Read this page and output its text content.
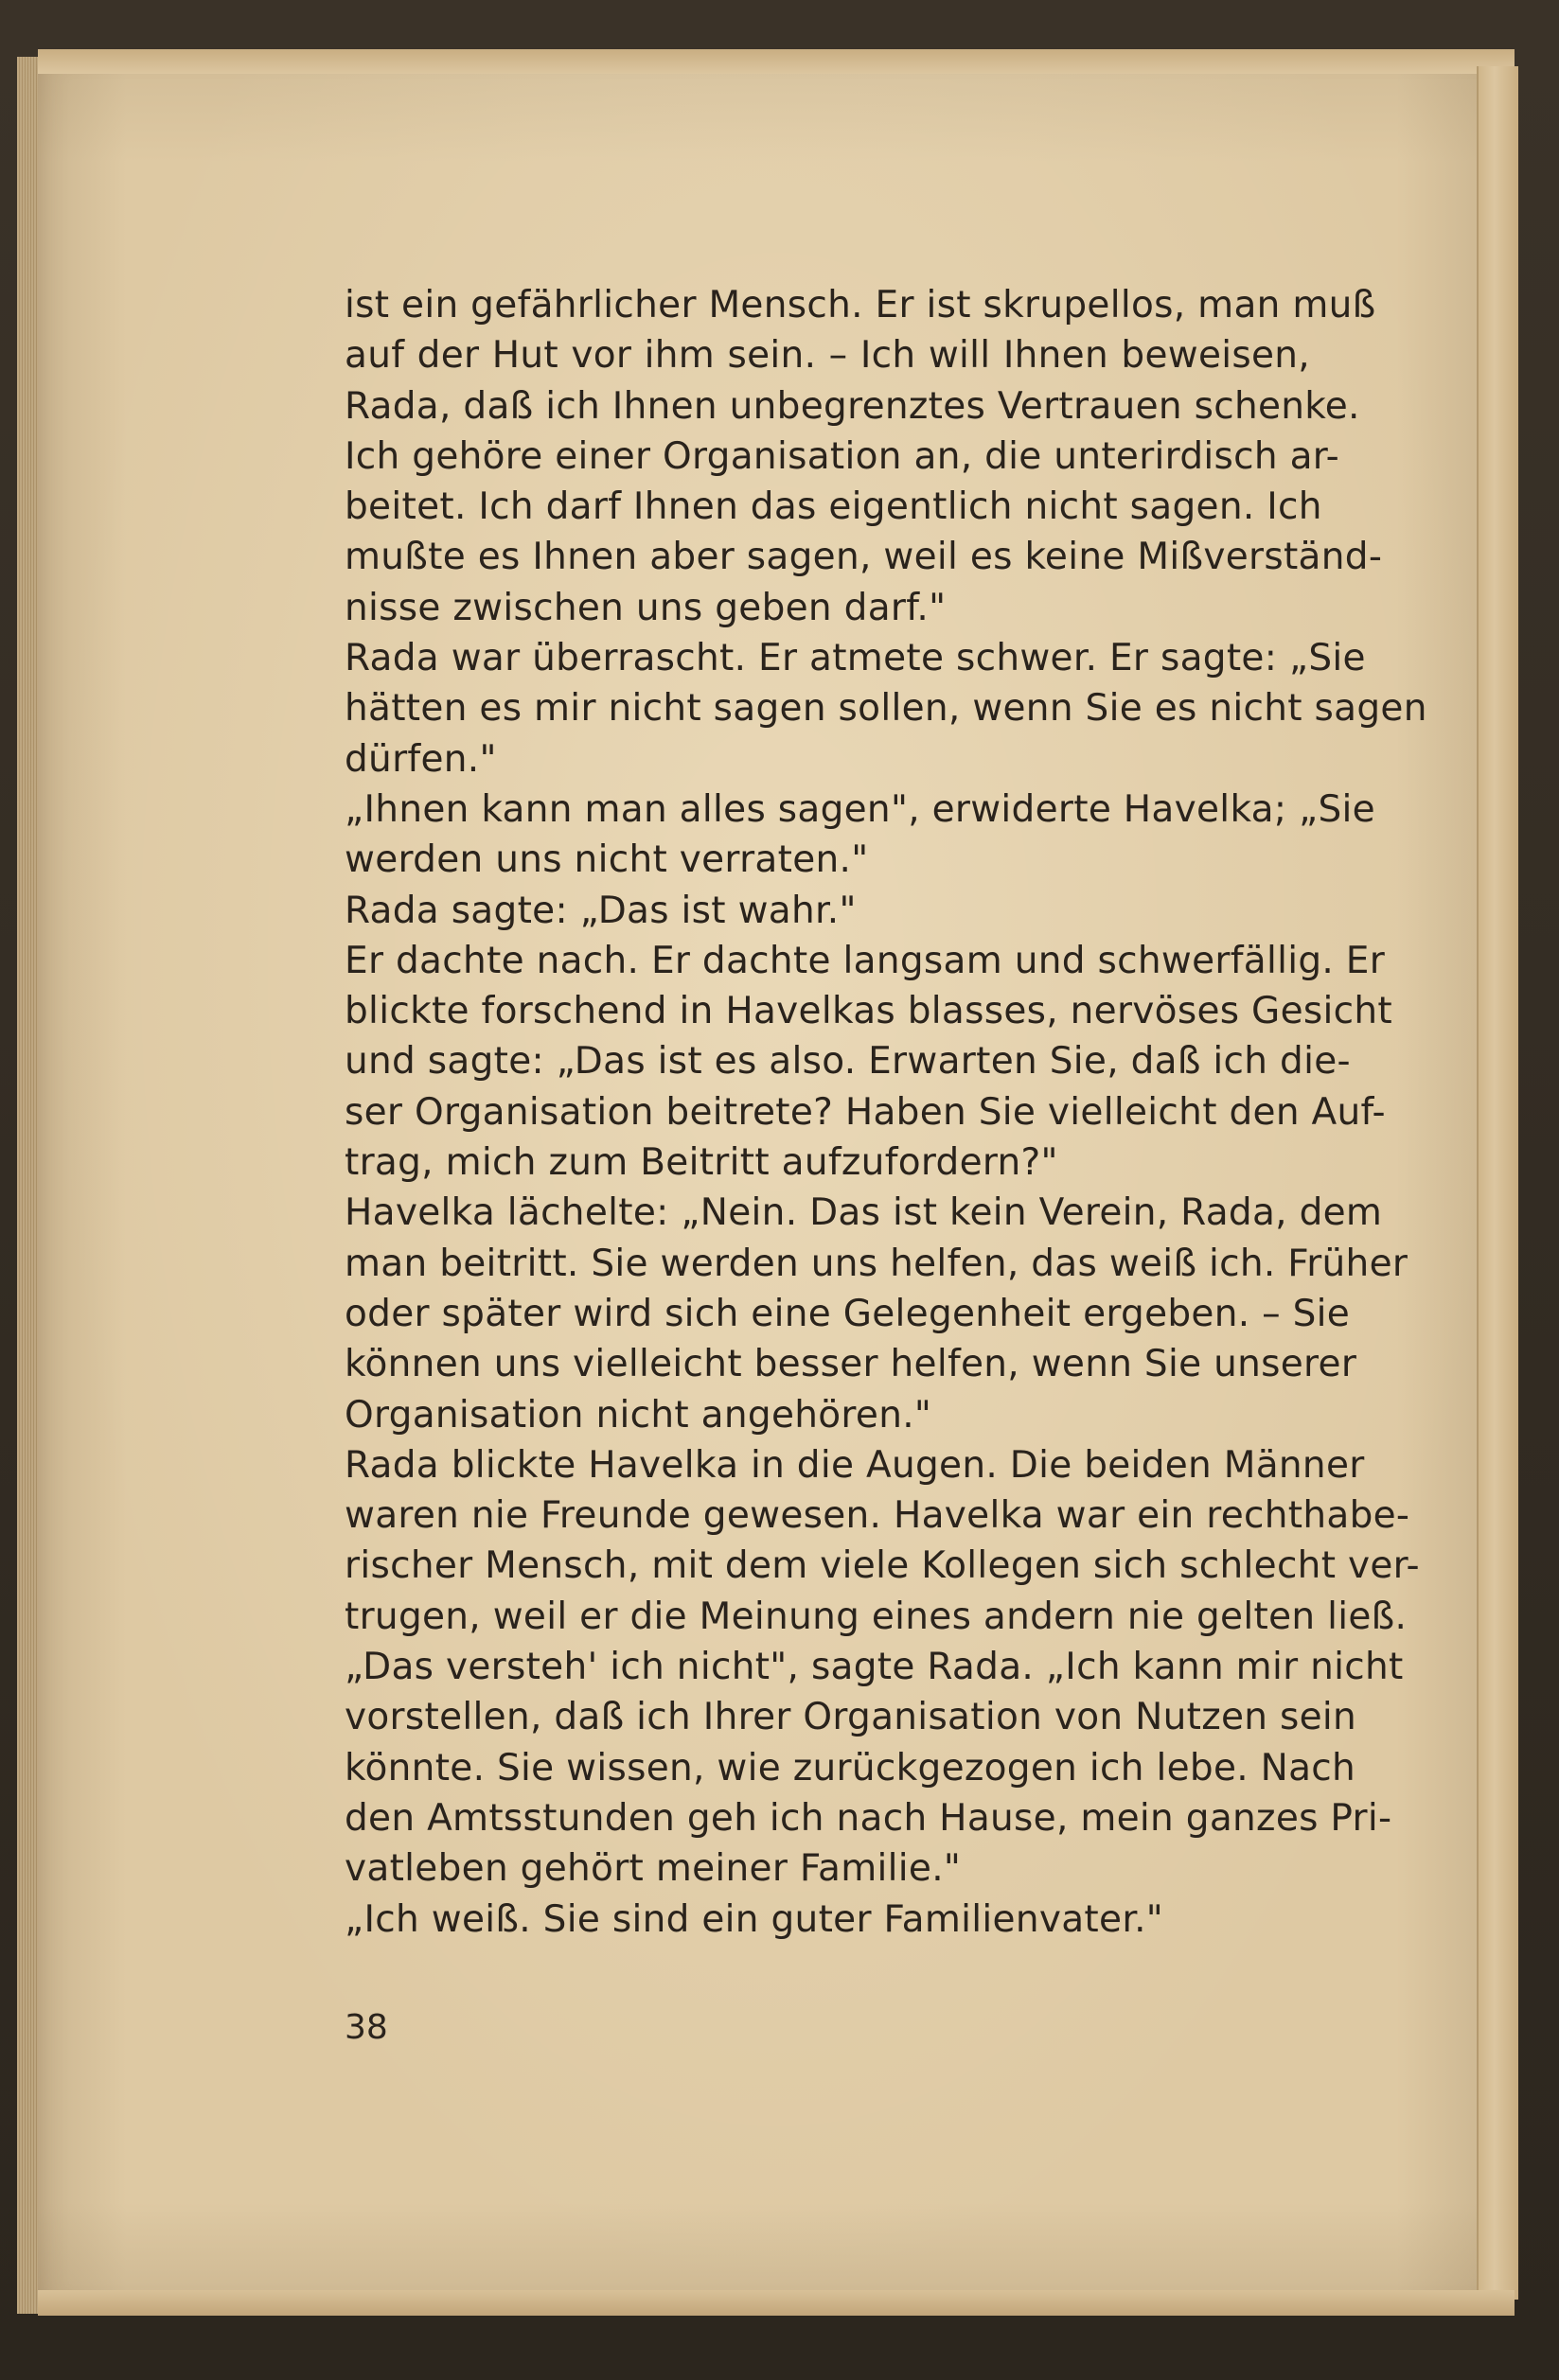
ist ein gefährlicher Mensch. Er ist skrupellos, man muß
auf der Hut vor ihm sein. – Ich will Ihnen beweisen,
Rada, daß ich Ihnen unbegrenztes Vertrauen schenke.
Ich gehöre einer Organisation an, die unterirdisch ar-
beitet. Ich darf Ihnen das eigentlich nicht sagen. Ich
mußte es Ihnen aber sagen, weil es keine Mißverständ-
nisse zwischen uns geben darf."
Rada war überrascht. Er atmete schwer. Er sagte: „Sie
hätten es mir nicht sagen sollen, wenn Sie es nicht sagen
dürfen."
„Ihnen kann man alles sagen", erwiderte Havelka; „Sie
werden uns nicht verraten."
Rada sagte: „Das ist wahr."
Er dachte nach. Er dachte langsam und schwerfällig. Er
blickte forschend in Havelkas blasses, nervöses Gesicht
und sagte: „Das ist es also. Erwarten Sie, daß ich die-
ser Organisation beitrete? Haben Sie vielleicht den Auf-
trag, mich zum Beitritt aufzufordern?"
Havelka lächelte: „Nein. Das ist kein Verein, Rada, dem
man beitritt. Sie werden uns helfen, das weiß ich. Früher
oder später wird sich eine Gelegenheit ergeben. – Sie
können uns vielleicht besser helfen, wenn Sie unserer
Organisation nicht angehören."
Rada blickte Havelka in die Augen. Die beiden Männer
waren nie Freunde gewesen. Havelka war ein rechthabe-
rischer Mensch, mit dem viele Kollegen sich schlecht ver-
trugen, weil er die Meinung eines andern nie gelten ließ.
„Das versteh' ich nicht", sagte Rada. „Ich kann mir nicht
vorstellen, daß ich Ihrer Organisation von Nutzen sein
könnte. Sie wissen, wie zurückgezogen ich lebe. Nach
den Amtsstunden geh ich nach Hause, mein ganzes Pri-
vatleben gehört meiner Familie."
„Ich weiß. Sie sind ein guter Familienvater."
38
